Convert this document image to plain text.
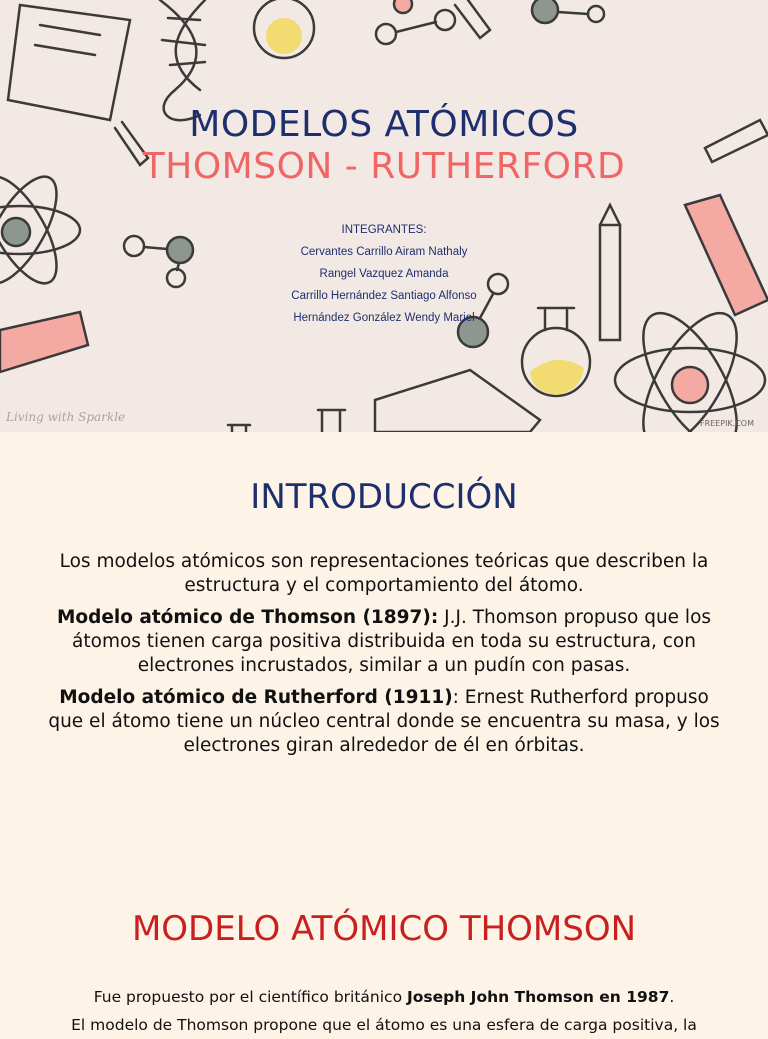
MODELOS ATÓMICOS
THOMSON - RUTHERFORD
INTEGRANTES:
Cervantes Carrillo Airam Nathaly
Rangel Vazquez Amanda
Carrillo Hernández Santiago Alfonso
Hernández González Wendy Mariel
Living with Sparkle	FREEPIK.COM
INTRODUCCIÓN

Los modelos atómicos son representaciones teóricas que describen la estructura y el comportamiento del átomo.

Modelo atómico de Thomson (1897): J.J. Thomson propuso que los átomos tienen carga positiva distribuida en toda su estructura, con electrones incrustados, similar a un pudín con pasas.

Modelo atómico de Rutherford (1911): Ernest Rutherford propuso que el átomo tiene un núcleo central donde se encuentra su masa, y los electrones giran alrededor de él en órbitas.

MODELO ATÓMICO THOMSON
Fue propuesto por el científico británico Joseph John Thomson en 1987.
El modelo de Thomson propone que el átomo es una esfera de carga positiva, la
